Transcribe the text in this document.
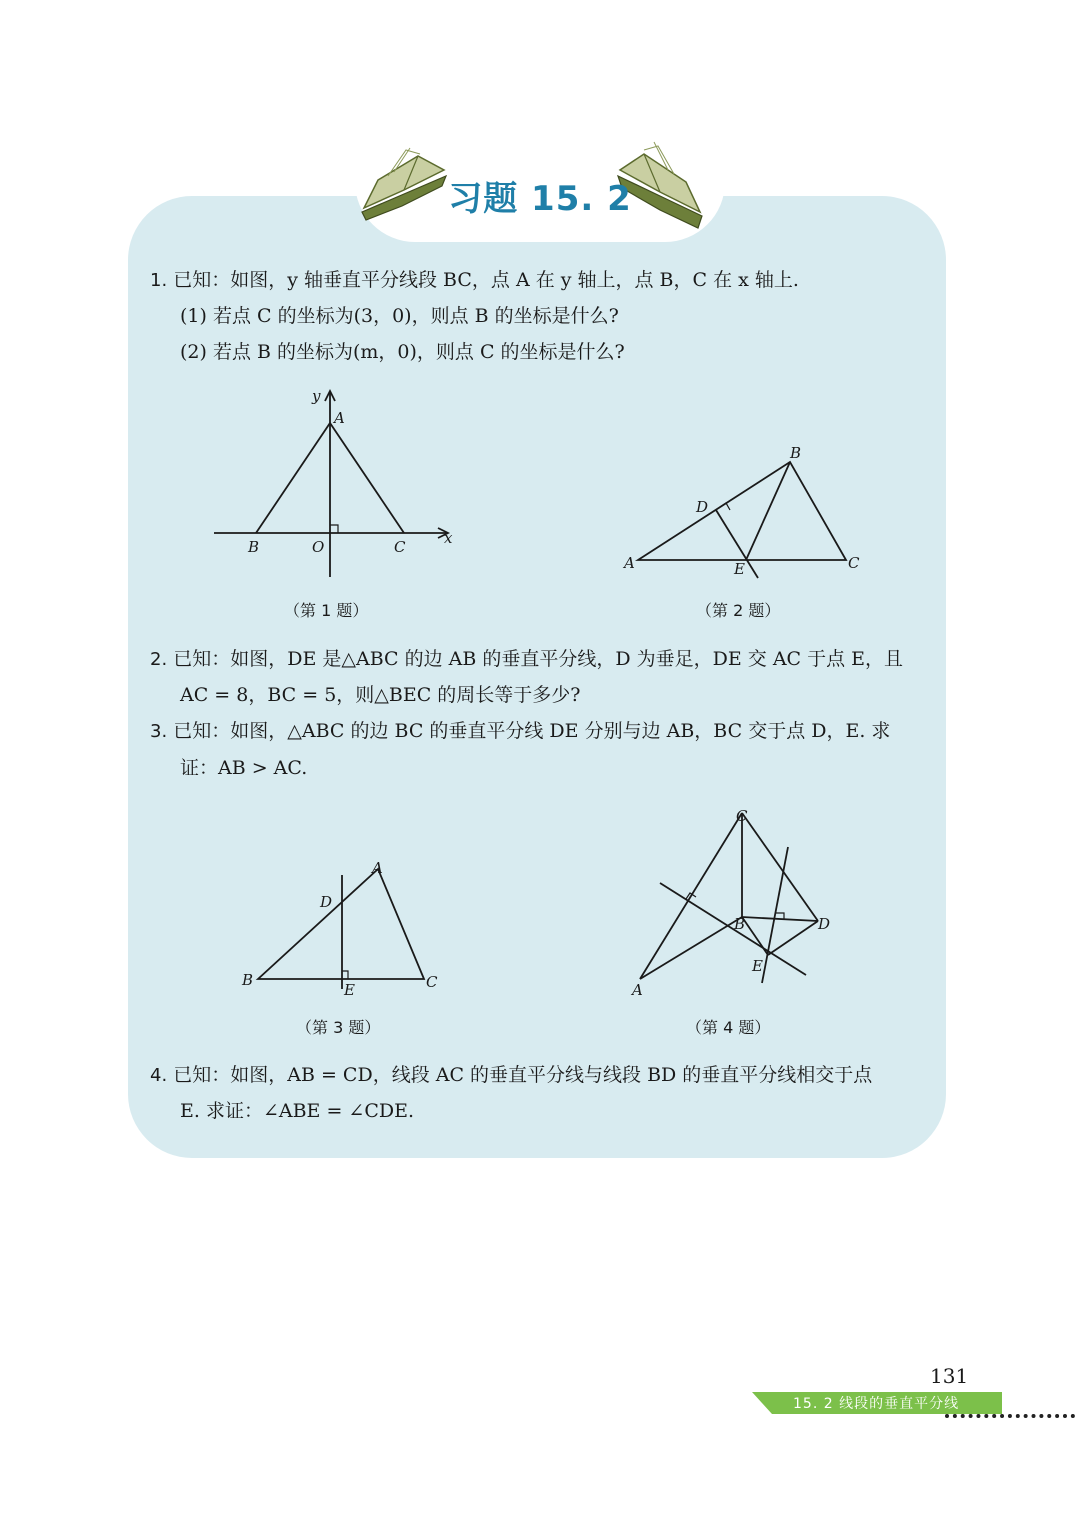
习题 15. 2
1. 已知：如图，y 轴垂直平分线段 BC，点 A 在 y 轴上，点 B，C 在 x 轴上.
(1) 若点 C 的坐标为(3，0)，则点 B 的坐标是什么?
(2) 若点 B 的坐标为(m，0)，则点 C 的坐标是什么?
y
x
A
B	O	C
（第 1 题）
A
B
C
D
E
（第 2 题）
2. 已知：如图，DE 是△ABC 的边 AB 的垂直平分线，D 为垂足，DE 交 AC 于点 E，且
AC = 8，BC = 5，则△BEC 的周长等于多少?
3. 已知：如图，△ABC 的边 BC 的垂直平分线 DE 分别与边 AB，BC 交于点 D，E. 求
证：AB > AC.
A
B	C
D
E
（第 3 题）
A
B
C
D
E
（第 4 题）
4. 已知：如图，AB = CD，线段 AC 的垂直平分线与线段 BD 的垂直平分线相交于点
E. 求证：∠ABE = ∠CDE.
131
15. 2 线段的垂直平分线
